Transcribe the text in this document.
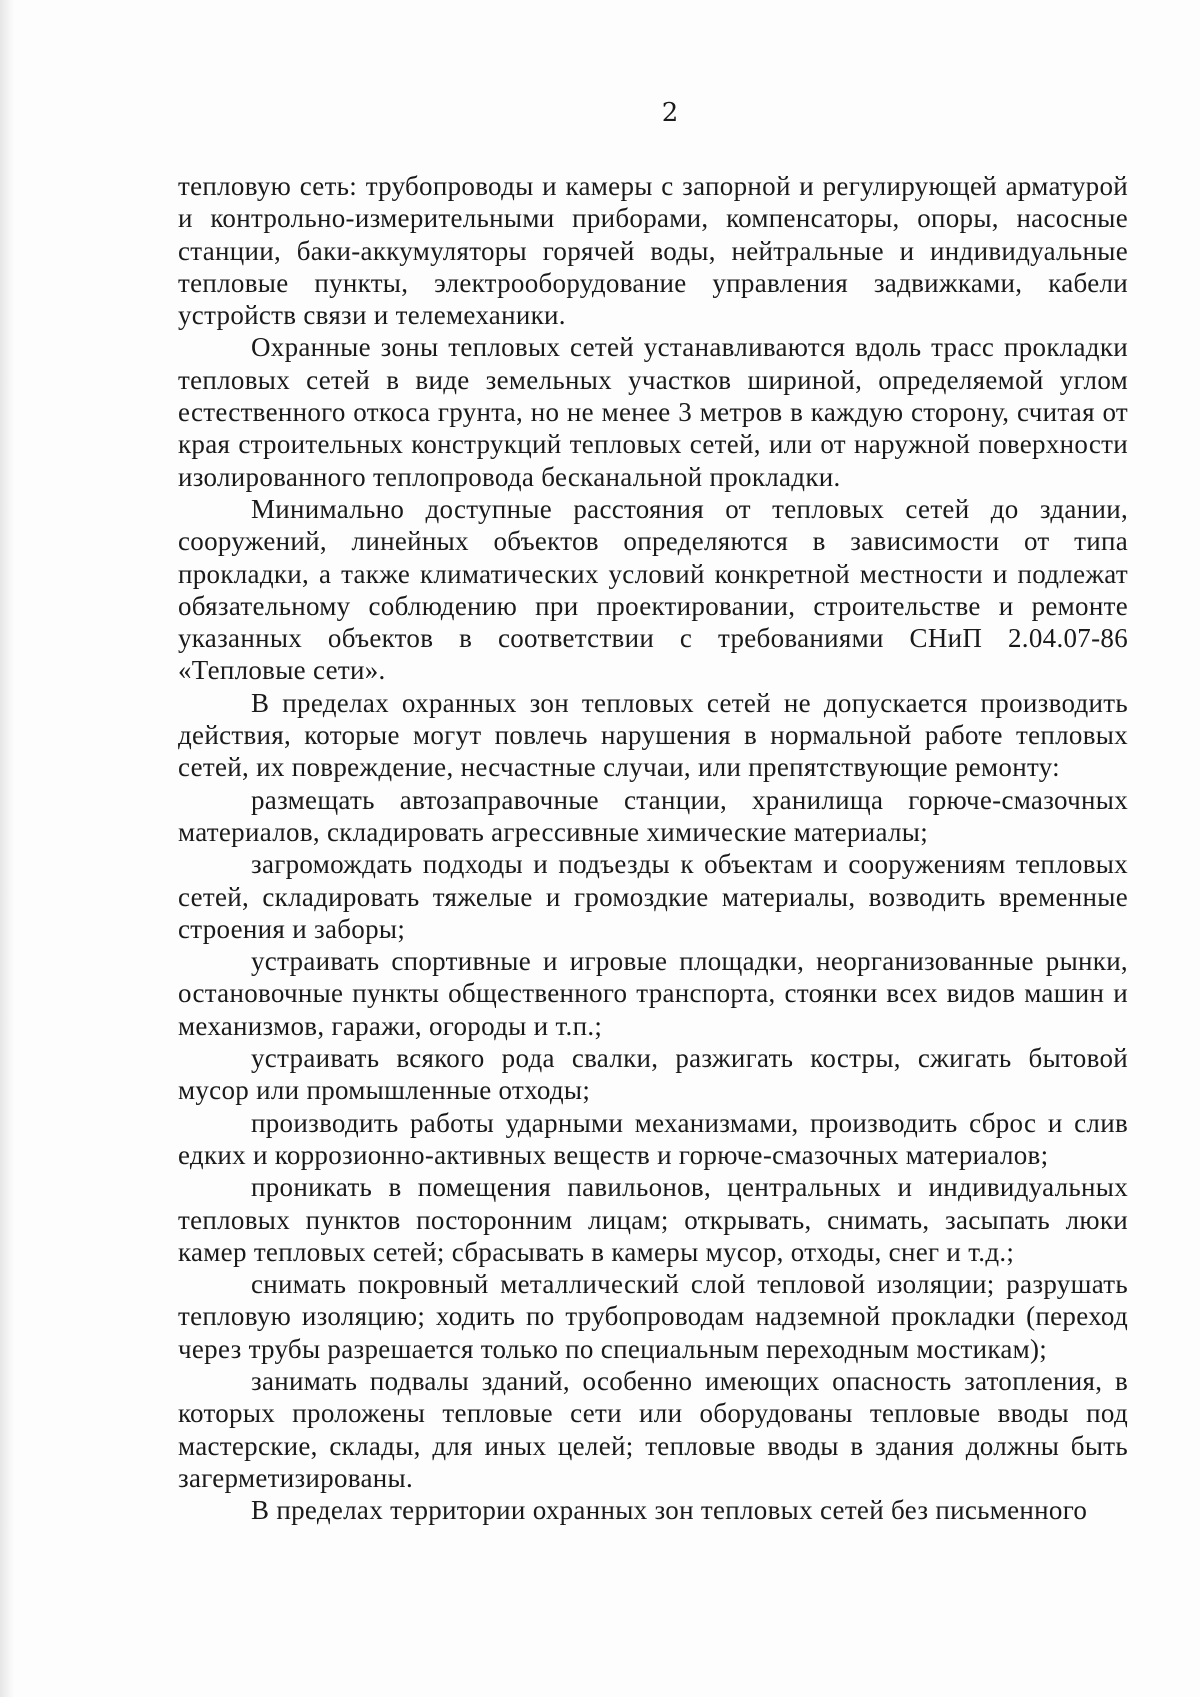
2

тепловую сеть: трубопроводы и камеры с запорной и регулирующей арматурой и контрольно-измерительными приборами, компенсаторы, опоры, насосные станции, баки-аккумуляторы горячей воды, нейтральные и индивидуальные тепловые пункты, электрооборудование управления задвижками, кабели устройств связи и телемеханики.

Охранные зоны тепловых сетей устанавливаются вдоль трасс прокладки тепловых сетей в виде земельных участков шириной, определяемой углом естественного откоса грунта, но не менее 3 метров в каждую сторону, считая от края строительных конструкций тепловых сетей, или от наружной поверхности изолированного теплопровода бесканальной прокладки.

Минимально доступные расстояния от тепловых сетей до здании, сооружений, линейных объектов определяются в зависимости от типа прокладки, а также климатических условий конкретной местности и подлежат обязательному соблюдению при проектировании, строительстве и ремонте указанных объектов в соответствии с требованиями СНиП 2.04.07-86 «Тепловые сети».

В пределах охранных зон тепловых сетей не допускается производить действия, которые могут повлечь нарушения в нормальной работе тепловых сетей, их повреждение, несчастные случаи, или препятствующие ремонту:

размещать автозаправочные станции, хранилища горюче-смазочных материалов, складировать агрессивные химические материалы;

загромождать подходы и подъезды к объектам и сооружениям тепловых сетей, складировать тяжелые и громоздкие материалы, возводить временные строения и заборы;

устраивать спортивные и игровые площадки, неорганизованные рынки, остановочные пункты общественного транспорта, стоянки всех видов машин и механизмов, гаражи, огороды и т.п.;

устраивать всякого рода свалки, разжигать костры, сжигать бытовой мусор или промышленные отходы;

производить работы ударными механизмами, производить сброс и слив едких и коррозионно-активных веществ и горюче-смазочных материалов;

проникать в помещения павильонов, центральных и индивидуальных тепловых пунктов посторонним лицам; открывать, снимать, засыпать люки камер тепловых сетей; сбрасывать в камеры мусор, отходы, снег и т.д.;

снимать покровный металлический слой тепловой изоляции; разрушать тепловую изоляцию; ходить по трубопроводам надземной прокладки (переход через трубы разрешается только по специальным переходным мостикам);

занимать подвалы зданий, особенно имеющих опасность затопления, в которых проложены тепловые сети или оборудованы тепловые вводы под мастерские, склады, для иных целей; тепловые вводы в здания должны быть загерметизированы.

В пределах территории охранных зон тепловых сетей без письменного
